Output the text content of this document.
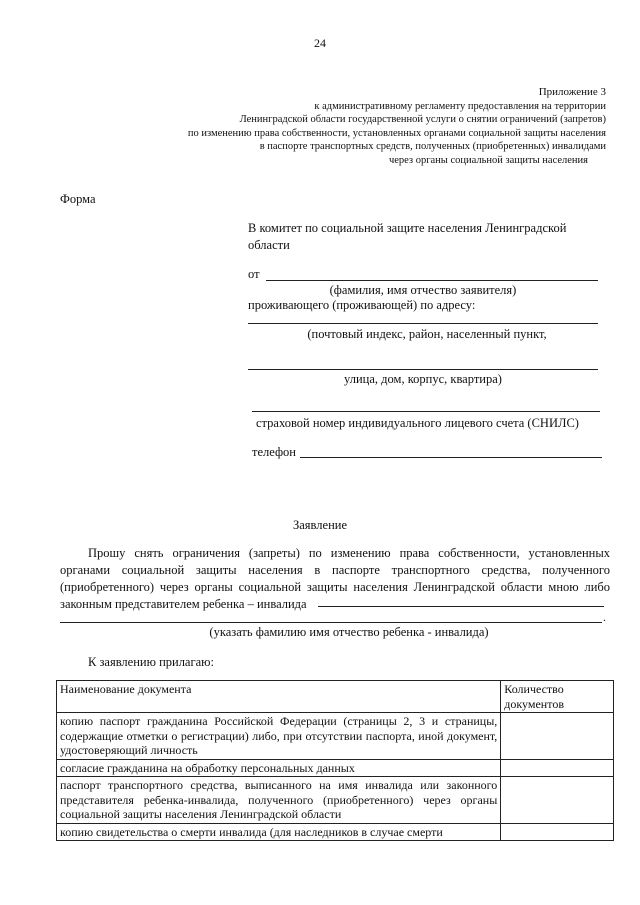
24
Приложение 3
к административному регламенту предоставления на территории
Ленинградской области государственной услуги о снятии ограничений (запретов)
по изменению права собственности, установленных органами социальной защиты населения
в паспорте транспортных средств, полученных (приобретенных) инвалидами
через органы социальной защиты населения
Форма
В комитет по социальной защите населения Ленинградской
области
от
(фамилия, имя отчество заявителя)
проживающего (проживающей) по адресу:
(почтовый индекс, район, населенный пункт,
улица, дом, корпус, квартира)
страховой номер индивидуального лицевого счета (СНИЛС)
телефон
Заявление
Прошу снять ограничения (запреты) по изменению права собственности, установленных органами социальной защиты населения в паспорте транспортного средства, полученного (приобретенного) через органы социальной защиты населения Ленинградской области мною либо законным представителем ребенка – инвалида
.
(указать фамилию имя отчество ребенка - инвалида)
К заявлению прилагаю:
Наименование документа	Количество документов
копию паспорт гражданина Российской Федерации (страницы 2, 3 и страницы, содержащие отметки о регистрации) либо, при отсутствии паспорта, иной документ, удостоверяющий личность	
согласие гражданина на обработку персональных данных	
паспорт транспортного средства, выписанного на имя инвалида или законного представителя ребенка-инвалида, полученного (приобретенного) через органы социальной защиты населения Ленинградской области	
копию свидетельства о смерти инвалида (для наследников в случае смерти	
